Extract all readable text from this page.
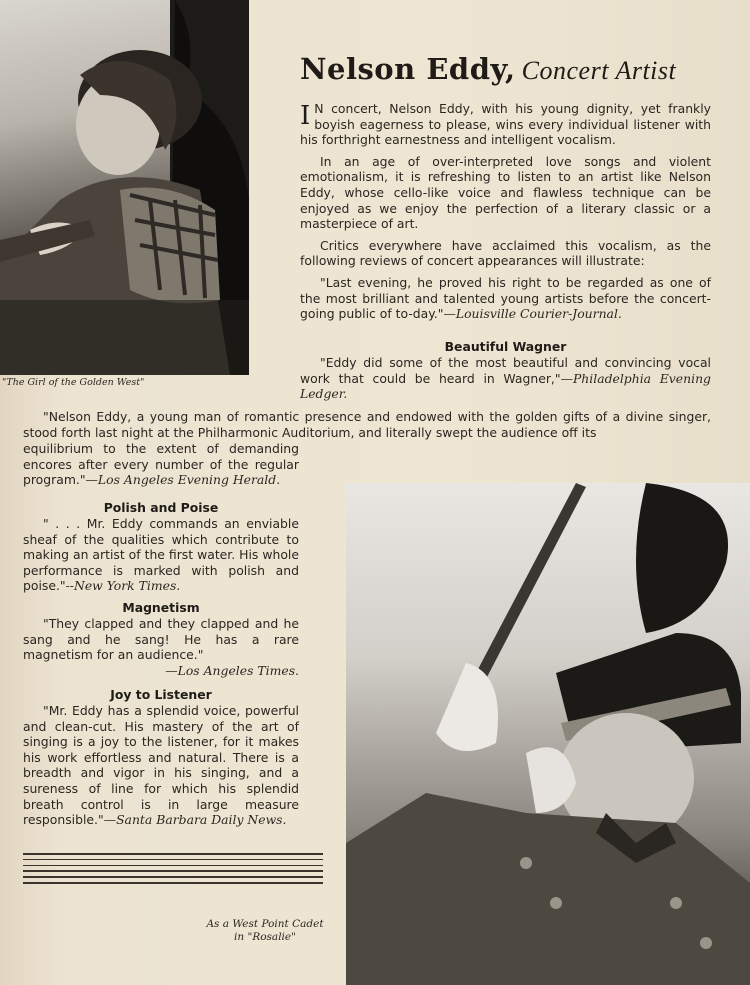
"The Girl of the Golden West"
Nelson Eddy, Concert Artist

I N concert, Nelson Eddy, with his young dignity, yet frankly boyish eagerness to please, wins every individual listener with his forthright earnestness and intelligent vocalism.

In an age of over-interpreted love songs and violent emotionalism, it is refreshing to listen to an artist like Nelson Eddy, whose cello-like voice and flawless technique can be enjoyed as we enjoy the perfection of a literary classic or a masterpiece of art.

Critics everywhere have acclaimed this vocalism, as the following reviews of concert appearances will illustrate:

"Last evening, he proved his right to be regarded as one of the most brilliant and talented young artists before the concert-going public of to-day."—Louisville Courier-Journal.

Beautiful Wagner

"Eddy did some of the most beautiful and convincing vocal work that could be heard in Wagner,"—Philadelphia Evening Ledger.

"Nelson Eddy, a young man of romantic presence and endowed with the golden gifts of a divine singer, stood forth last night at the Philharmonic Auditorium, and literally swept the audience off its

equilibrium to the extent of demanding encores after every number of the regular program."—Los Angeles Evening Herald.

Polish and Poise

" . . . Mr. Eddy commands an enviable sheaf of the qualities which contribute to making an artist of the first water. His whole performance is marked with polish and poise."--New York Times.

Magnetism

"They clapped and they clapped and he sang and he sang! He has a rare magnetism for an audience."

—Los Angeles Times.

Joy to Listener

"Mr. Eddy has a splendid voice, powerful and clean-cut. His mastery of the art of singing is a joy to the listener, for it makes his work effortless and natural. There is a breadth and vigor in his singing, and a sureness of line for which his splendid breath control is in large measure responsible."—Santa Barbara Daily News.

As a West Point Cadet
in "Rosalie"
